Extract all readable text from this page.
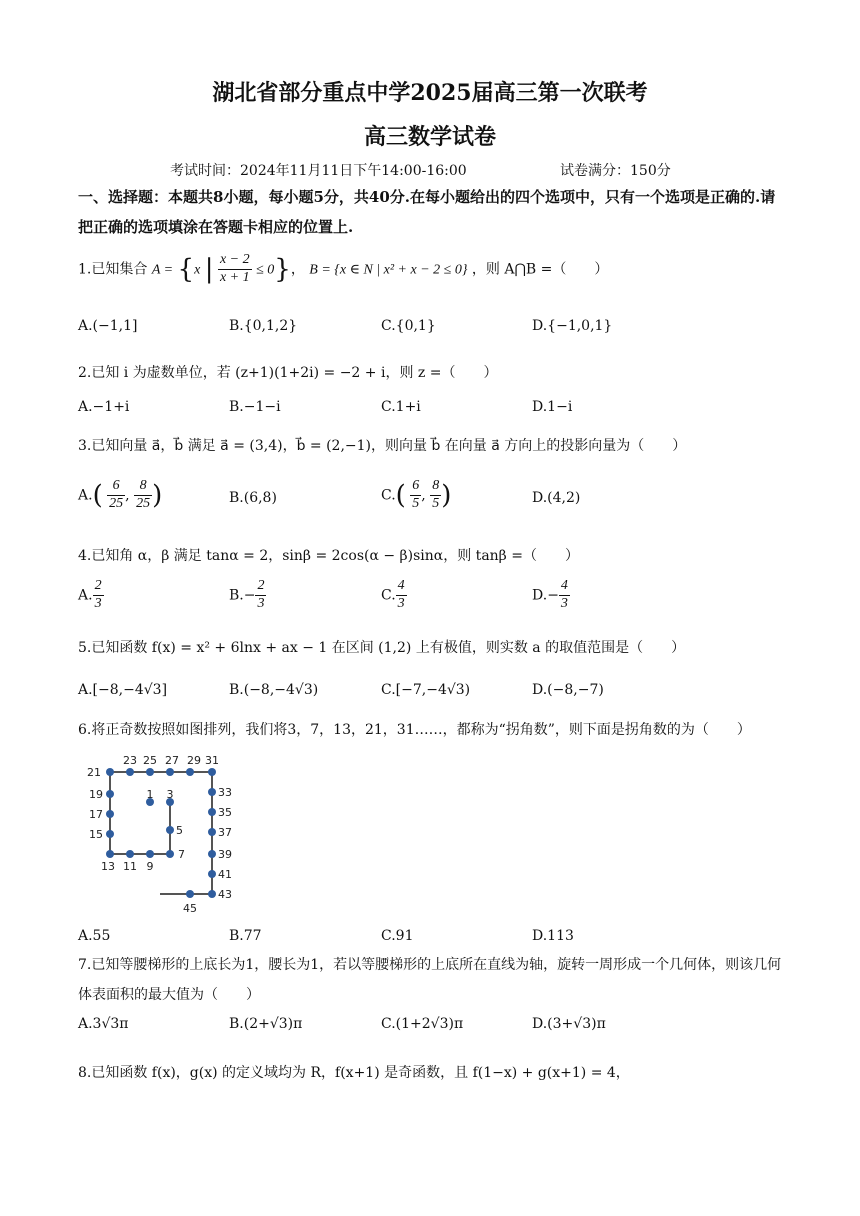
湖北省部分重点中学2025届高三第一次联考
高三数学试卷
考试时间：2024年11月11日下午14:00-16:00	试卷满分：150分
一、选择题：本题共8小题，每小题5分，共40分.在每小题给出的四个选项中，只有一个选项是正确的.请把正确的选项填涂在答题卡相应的位置上.
1.已知集合 A = {x | $\frac{x - 2}{x + 1} \le 0$}， B = {x ∈ N | x² + x − 2 ≤ 0} ，则 A⋂B =（　　）
A.(−1,1]	B.{0,1,2}	C.{0,1}	D.{−1,0,1}
2.已知 i 为虚数单位，若 (z+1)(1+2i) = −2 + i，则 z =（　　）
A.−1+i	B.−1−i	C.1+i	D.1−i
3.已知向量 a⃗，b⃗ 满足 a⃗ = (3,4)，b⃗ = (2,−1)，则向量 b⃗ 在向量 a⃗ 方向上的投影向量为（　　）
$A.( \frac{6}{25}$ , $\frac{8}{25}$ )	B.(6,8)	$C.( \frac{6}{5}$ , $\frac{8}{5}$ )	D.(4,2)
4.已知角 α，β 满足 tanα = 2，sinβ = 2cos(α − β)sinα，则 tanβ =（　　）
A. $\frac{2}{3}$	$B.- \frac{2}{3}$	C. $\frac{4}{3}$	$D.- \frac{4}{3}$
5.已知函数 f(x) = x² + 6lnx + ax − 1 在区间 (1,2) 上有极值，则实数 a 的取值范围是（　　）
A.[−8,−4√3]	B.(−8,−4√3)	C.[−7,−4√3)	D.(−8,−7)
6.将正奇数按照如图排列，我们将3，7，13，21，31……，都称为“拐角数”，则下面是拐角数的为（　　）
1 3
5
7
9
11
13
15
17
19
21
23 25 27 29 31
33
35
37
39
41
43
45
A.55	B.77	C.91	D.113
7.已知等腰梯形的上底长为1，腰长为1，若以等腰梯形的上底所在直线为轴，旋转一周形成一个几何体，则该几何体表面积的最大值为（　　）
A.3√3π	B.(2+√3)π	C.(1+2√3)π	D.(3+√3)π
8.已知函数 f(x)，g(x) 的定义域均为 R，f(x+1) 是奇函数，且 f(1−x) + g(x+1) = 4，
